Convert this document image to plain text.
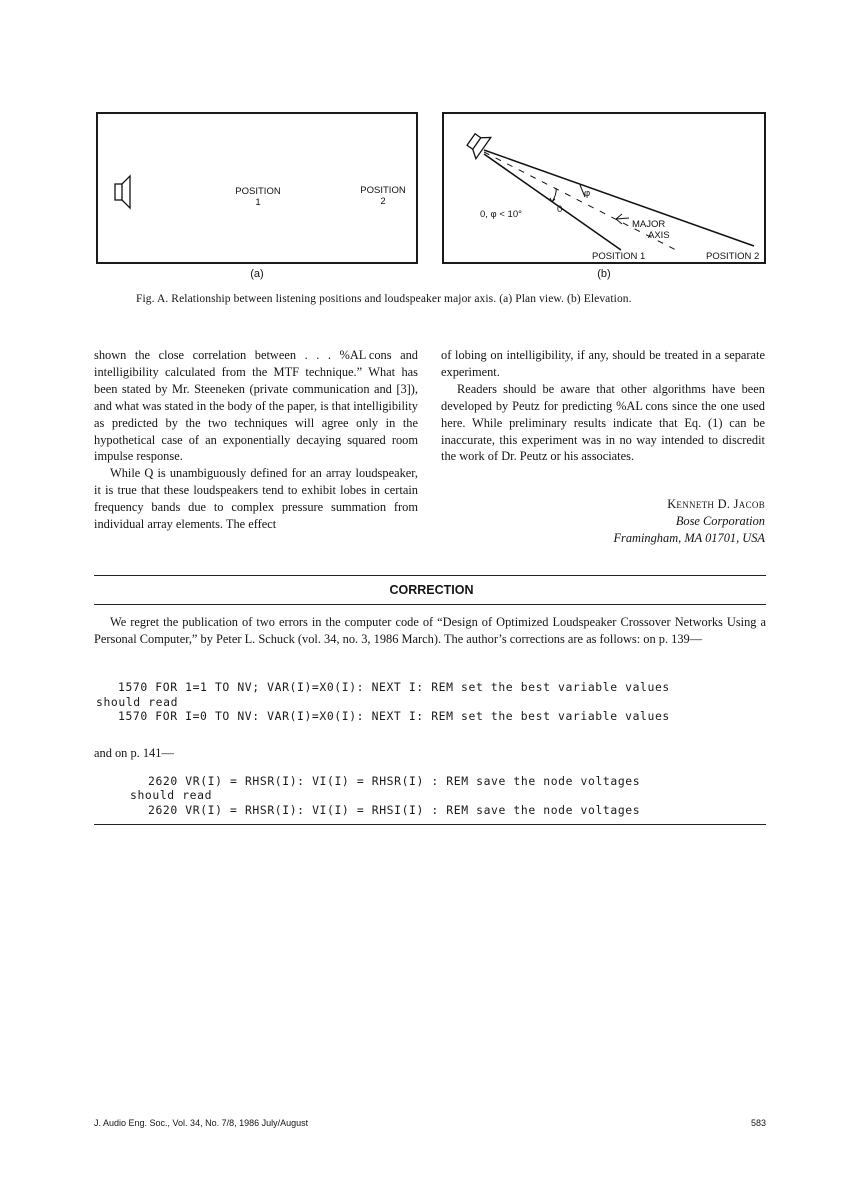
POSITION
1
POSITION
2
(a)
0, φ < 10°	0
φ
MAJOR
AXIS
POSITION 1	POSITION 2
(b)
Fig. A. Relationship between listening positions and loudspeaker major axis. (a) Plan view. (b) Elevation.

shown the close correlation between . . . %AL cons and intelligibility calculated from the MTF technique.” What has been stated by Mr. Steeneken (private communication and [3]), and what was stated in the body of the paper, is that intelligibility as predicted by the two techniques will agree only in the hypothetical case of an exponentially decaying squared room impulse response.

While Q is unambiguously defined for an array loudspeaker, it is true that these loudspeakers tend to exhibit lobes in certain frequency bands due to complex pressure summation from individual array elements. The effect

of lobing on intelligibility, if any, should be treated in a separate experiment.

Readers should be aware that other algorithms have been developed by Peutz for predicting %AL cons since the one used here. While preliminary results indicate that Eq. (1) can be inaccurate, this experiment was in no way intended to discredit the work of Dr. Peutz or his associates.

Kenneth D. Jacob
Bose Corporation
Framingham, MA 01701, USA
CORRECTION
We regret the publication of two errors in the computer code of “Design of Optimized Loudspeaker Crossover Networks Using a Personal Computer,” by Peter L. Schuck (vol. 34, no. 3, 1986 March). The author’s corrections are as follows: on p. 139—
1570 FOR 1=1 TO NV; VAR(I)=X0(I): NEXT I: REM set the best variable values
should read
1570 FOR I=0 TO NV: VAR(I)=X0(I): NEXT I: REM set the best variable values
and on p. 141—
2620 VR(I) = RHSR(I): VI(I) = RHSR(I) : REM save the node voltages
should read
2620 VR(I) = RHSR(I): VI(I) = RHSI(I) : REM save the node voltages
J. Audio Eng. Soc., Vol. 34, No. 7/8, 1986 July/August	583
